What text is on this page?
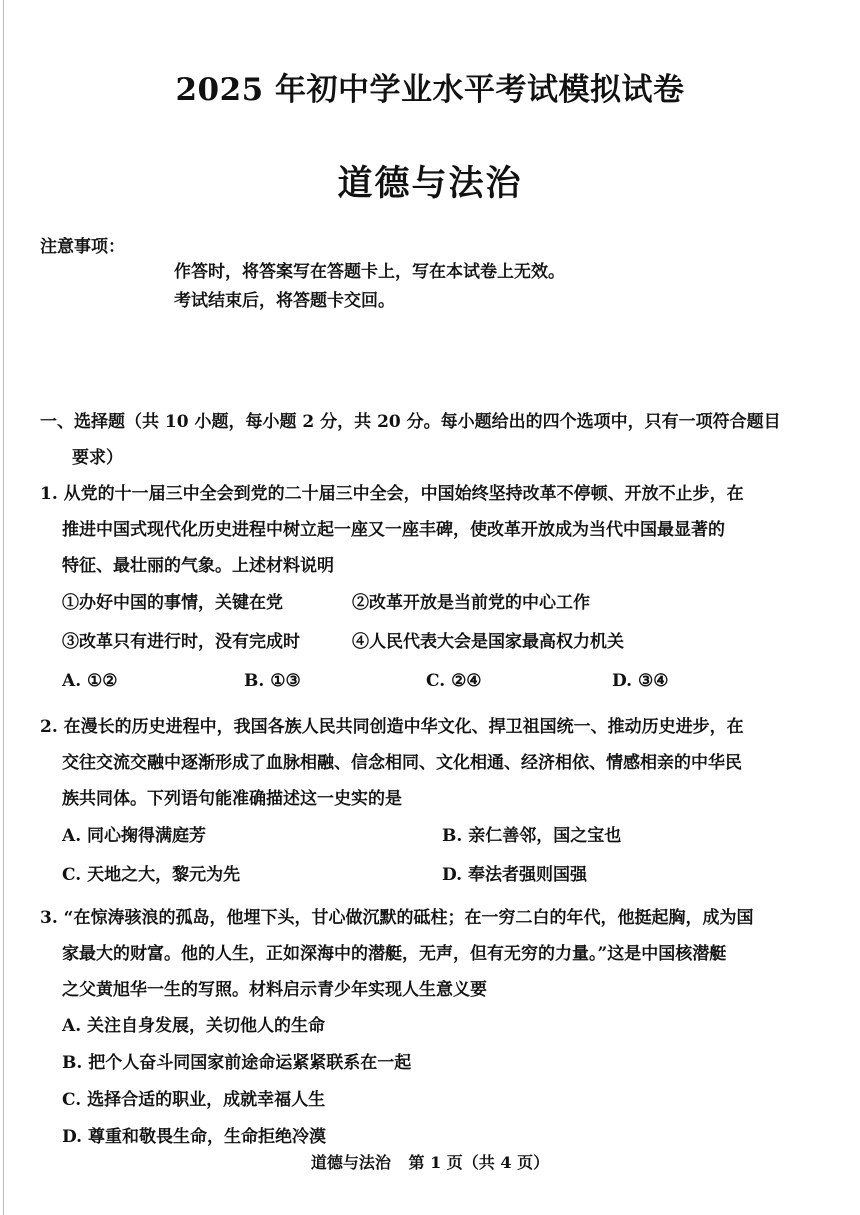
2025 年初中学业水平考试模拟试卷
道德与法治
注意事项：
作答时，将答案写在答题卡上，写在本试卷上无效。
考试结束后，将答题卡交回。
一、选择题（共 10 小题，每小题 2 分，共 20 分。每小题给出的四个选项中，只有一项符合题目
要求）
1. 从党的十一届三中全会到党的二十届三中全会，中国始终坚持改革不停顿、开放不止步，在
推进中国式现代化历史进程中树立起一座又一座丰碑，使改革开放成为当代中国最显著的
特征、最壮丽的气象。上述材料说明
①办好中国的事情，关键在党	②改革开放是当前党的中心工作
③改革只有进行时，没有完成时	④人民代表大会是国家最高权力机关
A. ①②	B. ①③	C. ②④	D. ③④
2. 在漫长的历史进程中，我国各族人民共同创造中华文化、捍卫祖国统一、推动历史进步，在
交往交流交融中逐渐形成了血脉相融、信念相同、文化相通、经济相依、情感相亲的中华民
族共同体。下列语句能准确描述这一史实的是
A. 同心掬得满庭芳	B. 亲仁善邻，国之宝也
C. 天地之大，黎元为先	D. 奉法者强则国强
3. “在惊涛骇浪的孤岛，他埋下头，甘心做沉默的砥柱；在一穷二白的年代，他挺起胸，成为国
家最大的财富。他的人生，正如深海中的潜艇，无声，但有无穷的力量。”这是中国核潜艇
之父黄旭华一生的写照。材料启示青少年实现人生意义要
A. 关注自身发展，关切他人的生命
B. 把个人奋斗同国家前途命运紧紧联系在一起
C. 选择合适的职业，成就幸福人生
D. 尊重和敬畏生命，生命拒绝冷漠
道德与法治 第 1 页（共 4 页）
